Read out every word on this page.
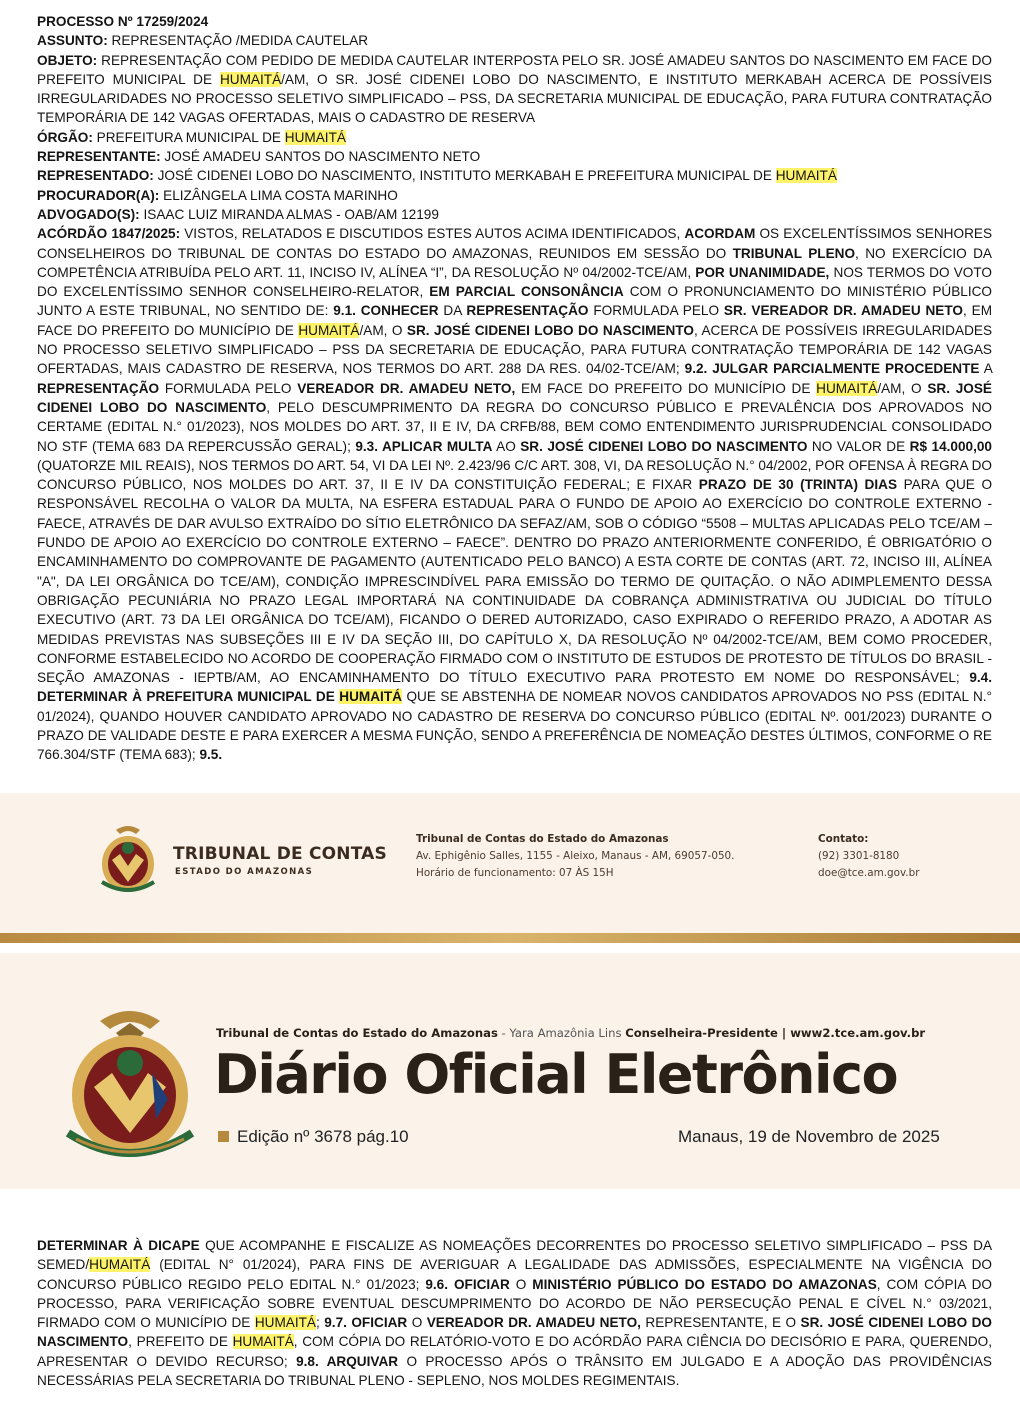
PROCESSO Nº 17259/2024

ASSUNTO: REPRESENTAÇÃO /MEDIDA CAUTELAR

OBJETO: REPRESENTAÇÃO COM PEDIDO DE MEDIDA CAUTELAR INTERPOSTA PELO SR. JOSÉ AMADEU SANTOS DO NASCIMENTO EM FACE DO PREFEITO MUNICIPAL DE HUMAITÁ/AM, O SR. JOSÉ CIDENEI LOBO DO NASCIMENTO, E INSTITUTO MERKABAH ACERCA DE POSSÍVEIS IRREGULARIDADES NO PROCESSO SELETIVO SIMPLIFICADO – PSS, DA SECRETARIA MUNICIPAL DE EDUCAÇÃO, PARA FUTURA CONTRATAÇÃO TEMPORÁRIA DE 142 VAGAS OFERTADAS, MAIS O CADASTRO DE RESERVA

ÓRGÃO: PREFEITURA MUNICIPAL DE HUMAITÁ

REPRESENTANTE: JOSÉ AMADEU SANTOS DO NASCIMENTO NETO

REPRESENTADO: JOSÉ CIDENEI LOBO DO NASCIMENTO, INSTITUTO MERKABAH E PREFEITURA MUNICIPAL DE HUMAITÁ

PROCURADOR(A): ELIZÂNGELA LIMA COSTA MARINHO

ADVOGADO(S): ISAAC LUIZ MIRANDA ALMAS - OAB/AM 12199

ACÓRDÃO 1847/2025: VISTOS, RELATADOS E DISCUTIDOS ESTES AUTOS ACIMA IDENTIFICADOS, ACORDAM OS EXCELENTÍSSIMOS SENHORES CONSELHEIROS DO TRIBUNAL DE CONTAS DO ESTADO DO AMAZONAS, REUNIDOS EM SESSÃO DO TRIBUNAL PLENO, NO EXERCÍCIO DA COMPETÊNCIA ATRIBUÍDA PELO ART. 11, INCISO IV, ALÍNEA “I”, DA RESOLUÇÃO Nº 04/2002-TCE/AM, POR UNANIMIDADE, NOS TERMOS DO VOTO DO EXCELENTÍSSIMO SENHOR CONSELHEIRO-RELATOR, EM PARCIAL CONSONÂNCIA COM O PRONUNCIAMENTO DO MINISTÉRIO PÚBLICO JUNTO A ESTE TRIBUNAL, NO SENTIDO DE: 9.1. CONHECER DA REPRESENTAÇÃO FORMULADA PELO SR. VEREADOR DR. AMADEU NETO, EM FACE DO PREFEITO DO MUNICÍPIO DE HUMAITÁ/AM, O SR. JOSÉ CIDENEI LOBO DO NASCIMENTO, ACERCA DE POSSÍVEIS IRREGULARIDADES NO PROCESSO SELETIVO SIMPLIFICADO – PSS DA SECRETARIA DE EDUCAÇÃO, PARA FUTURA CONTRATAÇÃO TEMPORÁRIA DE 142 VAGAS OFERTADAS, MAIS CADASTRO DE RESERVA, NOS TERMOS DO ART. 288 DA RES. 04/02-TCE/AM; 9.2. JULGAR PARCIALMENTE PROCEDENTE A REPRESENTAÇÃO FORMULADA PELO VEREADOR DR. AMADEU NETO, EM FACE DO PREFEITO DO MUNICÍPIO DE HUMAITÁ/AM, O SR. JOSÉ CIDENEI LOBO DO NASCIMENTO, PELO DESCUMPRIMENTO DA REGRA DO CONCURSO PÚBLICO E PREVALÊNCIA DOS APROVADOS NO CERTAME (EDITAL N.° 01/2023), NOS MOLDES DO ART. 37, II E IV, DA CRFB/88, BEM COMO ENTENDIMENTO JURISPRUDENCIAL CONSOLIDADO NO STF (TEMA 683 DA REPERCUSSÃO GERAL); 9.3. APLICAR MULTA AO SR. JOSÉ CIDENEI LOBO DO NASCIMENTO NO VALOR DE R$ 14.000,00 (QUATORZE MIL REAIS), NOS TERMOS DO ART. 54, VI DA LEI Nº. 2.423/96 C/C ART. 308, VI, DA RESOLUÇÃO N.° 04/2002, POR OFENSA À REGRA DO CONCURSO PÚBLICO, NOS MOLDES DO ART. 37, II E IV DA CONSTITUIÇÃO FEDERAL; E FIXAR PRAZO DE 30 (TRINTA) DIAS PARA QUE O RESPONSÁVEL RECOLHA O VALOR DA MULTA, NA ESFERA ESTADUAL PARA O FUNDO DE APOIO AO EXERCÍCIO DO CONTROLE EXTERNO - FAECE, ATRAVÉS DE DAR AVULSO EXTRAÍDO DO SÍTIO ELETRÔNICO DA SEFAZ/AM, SOB O CÓDIGO “5508 – MULTAS APLICADAS PELO TCE/AM – FUNDO DE APOIO AO EXERCÍCIO DO CONTROLE EXTERNO – FAECE”. DENTRO DO PRAZO ANTERIORMENTE CONFERIDO, É OBRIGATÓRIO O ENCAMINHAMENTO DO COMPROVANTE DE PAGAMENTO (AUTENTICADO PELO BANCO) A ESTA CORTE DE CONTAS (ART. 72, INCISO III, ALÍNEA "A", DA LEI ORGÂNICA DO TCE/AM), CONDIÇÃO IMPRESCINDÍVEL PARA EMISSÃO DO TERMO DE QUITAÇÃO. O NÃO ADIMPLEMENTO DESSA OBRIGAÇÃO PECUNIÁRIA NO PRAZO LEGAL IMPORTARÁ NA CONTINUIDADE DA COBRANÇA ADMINISTRATIVA OU JUDICIAL DO TÍTULO EXECUTIVO (ART. 73 DA LEI ORGÂNICA DO TCE/AM), FICANDO O DERED AUTORIZADO, CASO EXPIRADO O REFERIDO PRAZO, A ADOTAR AS MEDIDAS PREVISTAS NAS SUBSEÇÕES III E IV DA SEÇÃO III, DO CAPÍTULO X, DA RESOLUÇÃO Nº 04/2002-TCE/AM, BEM COMO PROCEDER, CONFORME ESTABELECIDO NO ACORDO DE COOPERAÇÃO FIRMADO COM O INSTITUTO DE ESTUDOS DE PROTESTO DE TÍTULOS DO BRASIL - SEÇÃO AMAZONAS - IEPTB/AM, AO ENCAMINHAMENTO DO TÍTULO EXECUTIVO PARA PROTESTO EM NOME DO RESPONSÁVEL; 9.4. DETERMINAR À PREFEITURA MUNICIPAL DE HUMAITÁ QUE SE ABSTENHA DE NOMEAR NOVOS CANDIDATOS APROVADOS NO PSS (EDITAL N.° 01/2024), QUANDO HOUVER CANDIDATO APROVADO NO CADASTRO DE RESERVA DO CONCURSO PÚBLICO (EDITAL Nº. 001/2023) DURANTE O PRAZO DE VALIDADE DESTE E PARA EXERCER A MESMA FUNÇÃO, SENDO A PREFERÊNCIA DE NOMEAÇÃO DESTES ÚLTIMOS, CONFORME O RE 766.304/STF (TEMA 683); 9.5.

TRIBUNAL DE CONTAS
ESTADO DO AMAZONAS
Tribunal de Contas do Estado do Amazonas
Av. Ephigênio Salles, 1155 - Aleixo, Manaus - AM, 69057-050.
Horário de funcionamento: 07 ÀS 15H
Contato:
(92) 3301-8180
doe@tce.am.gov.br
Tribunal de Contas do Estado do Amazonas - Yara Amazônia Lins Conselheira-Presidente | www2.tce.am.gov.br
Diário Oficial Eletrônico
Edição nº 3678 pág.10	Manaus, 19 de Novembro de 2025

DETERMINAR À DICAPE QUE ACOMPANHE E FISCALIZE AS NOMEAÇÕES DECORRENTES DO PROCESSO SELETIVO SIMPLIFICADO – PSS DA SEMED/HUMAITÁ (EDITAL N° 01/2024), PARA FINS DE AVERIGUAR A LEGALIDADE DAS ADMISSÕES, ESPECIALMENTE NA VIGÊNCIA DO CONCURSO PÚBLICO REGIDO PELO EDITAL N.° 01/2023; 9.6. OFICIAR O MINISTÉRIO PÚBLICO DO ESTADO DO AMAZONAS, COM CÓPIA DO PROCESSO, PARA VERIFICAÇÃO SOBRE EVENTUAL DESCUMPRIMENTO DO ACORDO DE NÃO PERSECUÇÃO PENAL E CÍVEL N.° 03/2021, FIRMADO COM O MUNICÍPIO DE HUMAITÁ; 9.7. OFICIAR O VEREADOR DR. AMADEU NETO, REPRESENTANTE, E O SR. JOSÉ CIDENEI LOBO DO NASCIMENTO, PREFEITO DE HUMAITÁ, COM CÓPIA DO RELATÓRIO-VOTO E DO ACÓRDÃO PARA CIÊNCIA DO DECISÓRIO E PARA, QUERENDO, APRESENTAR O DEVIDO RECURSO; 9.8. ARQUIVAR O PROCESSO APÓS O TRÂNSITO EM JULGADO E A ADOÇÃO DAS PROVIDÊNCIAS NECESSÁRIAS PELA SECRETARIA DO TRIBUNAL PLENO - SEPLENO, NOS MOLDES REGIMENTAIS.
